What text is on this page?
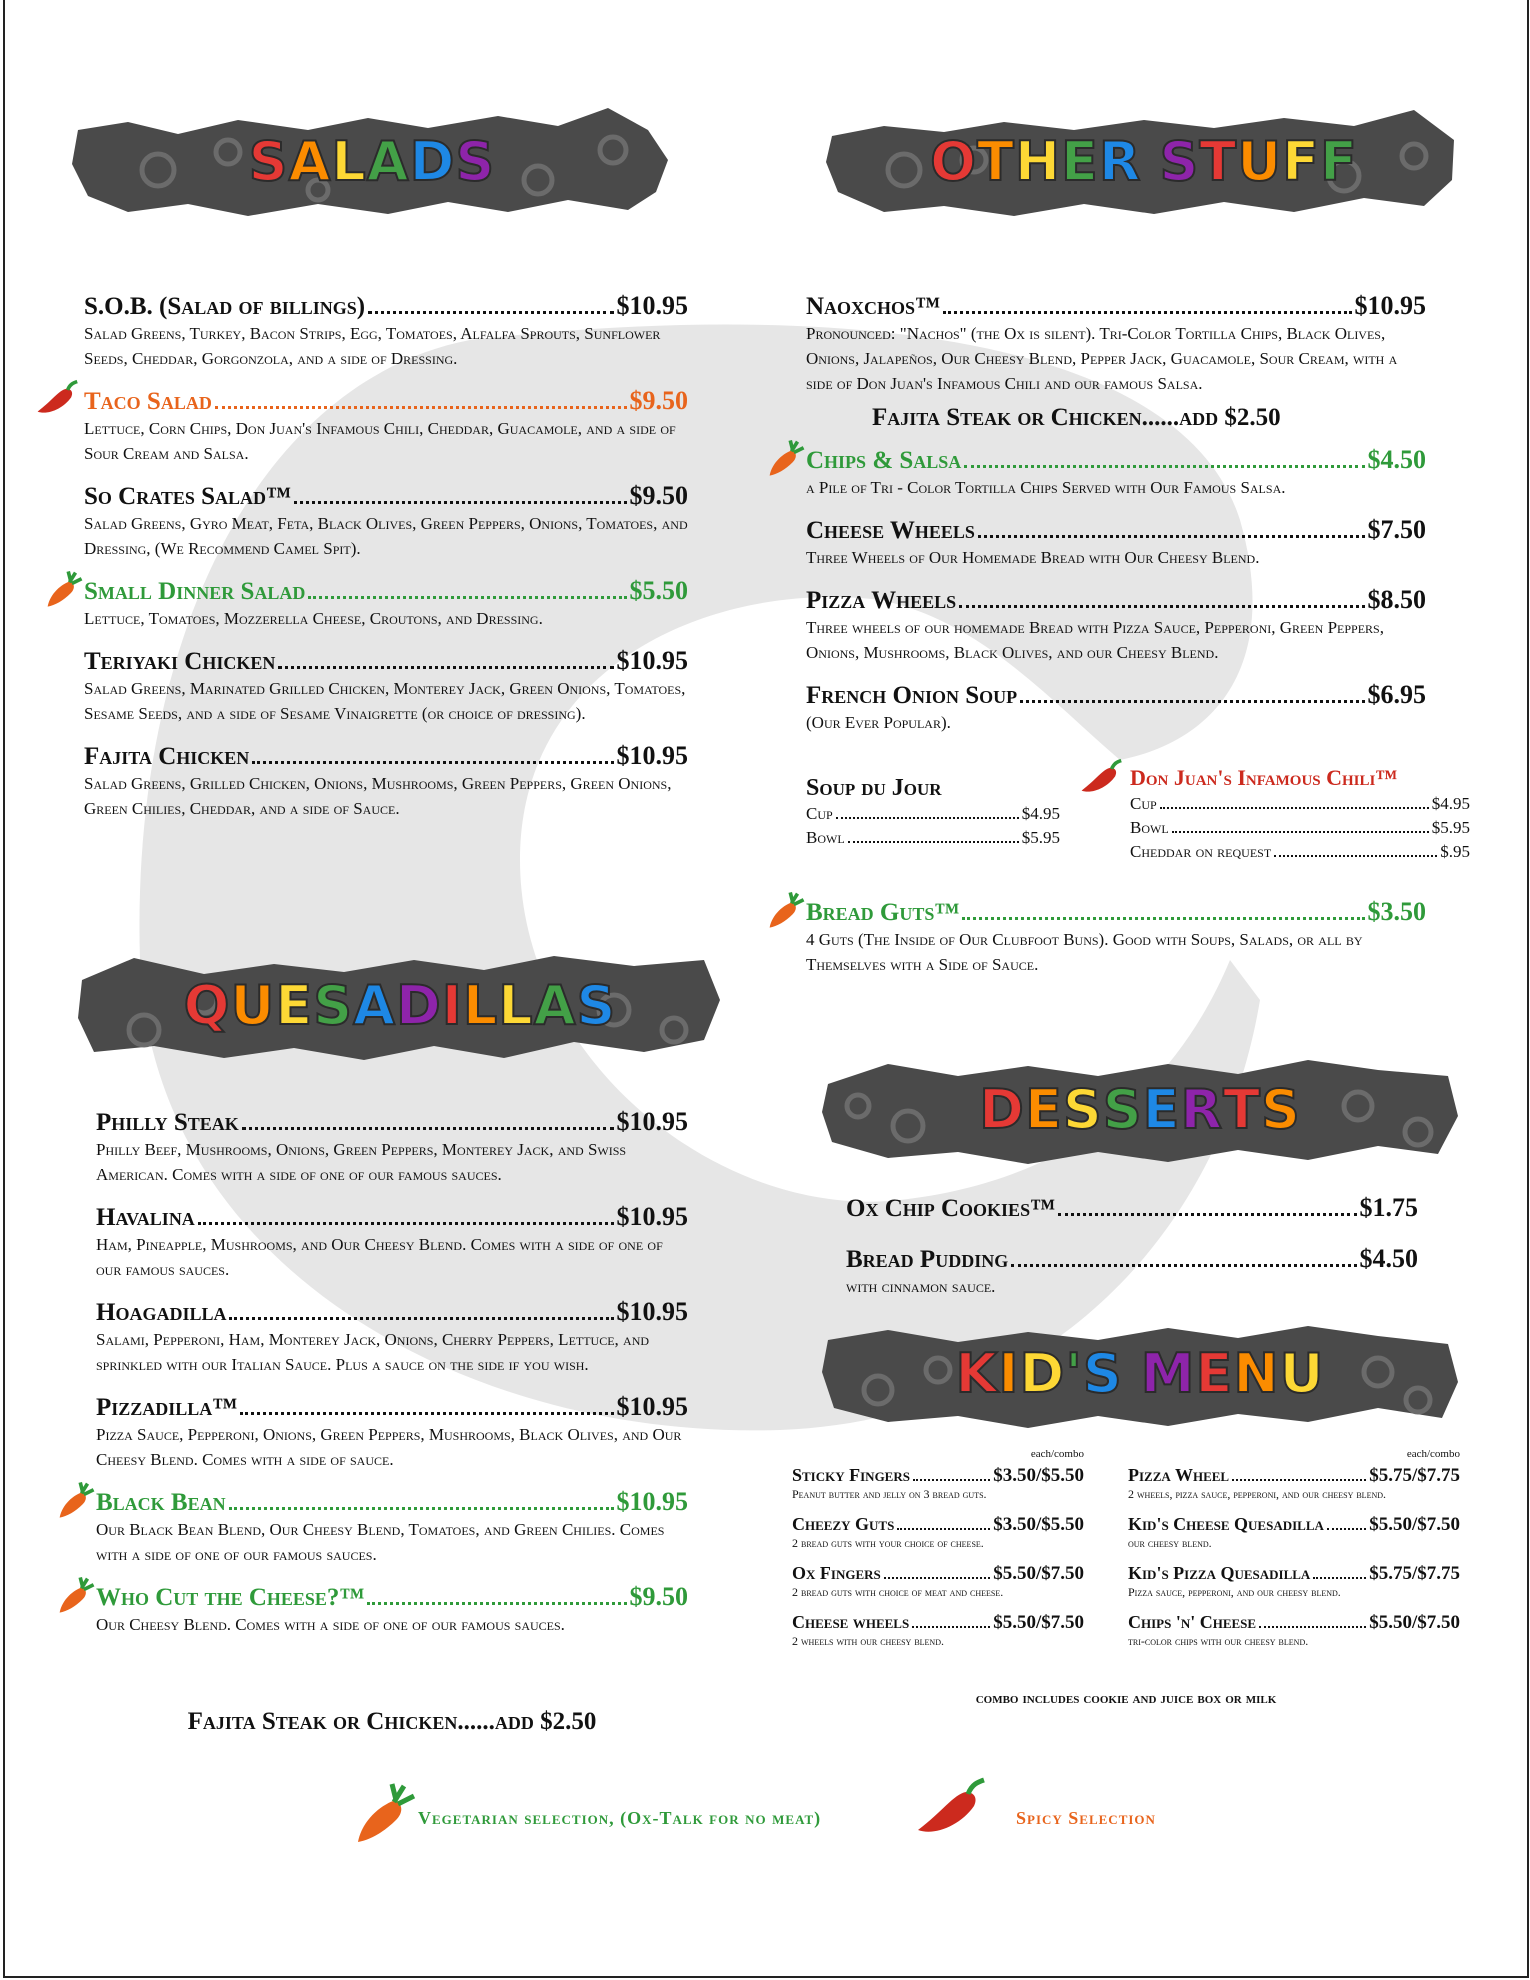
S A L A D S	O T H E R S T U F F
Q U E S A D I L L A S
D E S S E R T S
K I D ' S M E N U
S.O.B. (Salad of billings)	$10.95
Salad Greens, Turkey, Bacon Strips, Egg, Tomatoes, Alfalfa Sprouts, Sunflower Seeds, Cheddar, Gorgonzola, and a side of Dressing.
Taco Salad	$9.50
Lettuce, Corn Chips, Don Juan's Infamous Chili, Cheddar, Guacamole, and a side of Sour Cream and Salsa.
So Crates Salad™	$9.50
Salad Greens, Gyro Meat, Feta, Black Olives, Green Peppers, Onions, Tomatoes, and Dressing, (We Recommend Camel Spit).
Small Dinner Salad	$5.50
Lettuce, Tomatoes, Mozzerella Cheese, Croutons, and Dressing.
Teriyaki Chicken	$10.95
Salad Greens, Marinated Grilled Chicken, Monterey Jack, Green Onions, Tomatoes, Sesame Seeds, and a side of Sesame Vinaigrette (or choice of dressing).
Fajita Chicken	$10.95
Salad Greens, Grilled Chicken, Onions, Mushrooms, Green Peppers, Green Onions, Green Chilies, Cheddar, and a side of Sauce.
Philly Steak	$10.95
Philly Beef, Mushrooms, Onions, Green Peppers, Monterey Jack, and Swiss American. Comes with a side of one of our famous sauces.
Havalina	$10.95
Ham, Pineapple, Mushrooms, and Our Cheesy Blend. Comes with a side of one of our famous sauces.
Hoagadilla	$10.95
Salami, Pepperoni, Ham, Monterey Jack, Onions, Cherry Peppers, Lettuce, and sprinkled with our Italian Sauce. Plus a sauce on the side if you wish.
Pizzadilla™	$10.95
Pizza Sauce, Pepperoni, Onions, Green Peppers, Mushrooms, Black Olives, and Our Cheesy Blend. Comes with a side of sauce.
Black Bean	$10.95
Our Black Bean Blend, Our Cheesy Blend, Tomatoes, and Green Chilies. Comes with a side of one of our famous sauces.
Who Cut the Cheese?™	$9.50
Our Cheesy Blend. Comes with a side of one of our famous sauces.
Fajita Steak or Chicken......add $2.50
Naoxchos™	$10.95
Pronounced: "Nachos" (the Ox is silent). Tri-Color Tortilla Chips, Black Olives, Onions, Jalapeños, Our Cheesy Blend, Pepper Jack, Guacamole, Sour Cream, with a side of Don Juan's Infamous Chili and our famous Salsa.
Fajita Steak or Chicken......add $2.50
Chips & Salsa	$4.50
a Pile of Tri - Color Tortilla Chips Served with Our Famous Salsa.
Cheese Wheels	$7.50
Three Wheels of Our Homemade Bread with Our Cheesy Blend.
Pizza Wheels	$8.50
Three wheels of our homemade Bread with Pizza Sauce, Pepperoni, Green Peppers, Onions, Mushrooms, Black Olives, and our Cheesy Blend.
French Onion Soup	$6.95
(Our Ever Popular).
Soup du Jour
Cup	$4.95
Bowl	$5.95
Don Juan's Infamous Chili™
Cup	$4.95
Bowl	$5.95
Cheddar on request	$.95
Bread Guts™	$3.50
4 Guts (The Inside of Our Clubfoot Buns). Good with Soups, Salads, or all by Themselves with a Side of Sauce.
Ox Chip Cookies™	$1.75
Bread Pudding	$4.50
with cinnamon sauce.
each/combo
Sticky Fingers	$3.50/$5.50
Peanut butter and jelly on 3 bread guts.
Cheezy Guts	$3.50/$5.50
2 bread guts with your choice of cheese.
Ox Fingers	$5.50/$7.50
2 bread guts with choice of meat and cheese.
Cheese wheels	$5.50/$7.50
2 wheels with our cheesy blend.
each/combo
Pizza Wheel	$5.75/$7.75
2 wheels, pizza sauce, pepperoni, and our cheesy blend.
Kid's Cheese Quesadilla $5.50/$7.50
our cheesy blend.
Kid's Pizza Quesadilla	$5.75/$7.75
Pizza sauce, pepperoni, and our cheesy blend.
Chips 'n' Cheese	$5.50/$7.50
tri-color chips with our cheesy blend.
combo includes cookie and juice box or milk
Vegetarian selection, (Ox-Talk for no meat)	Spicy Selection
